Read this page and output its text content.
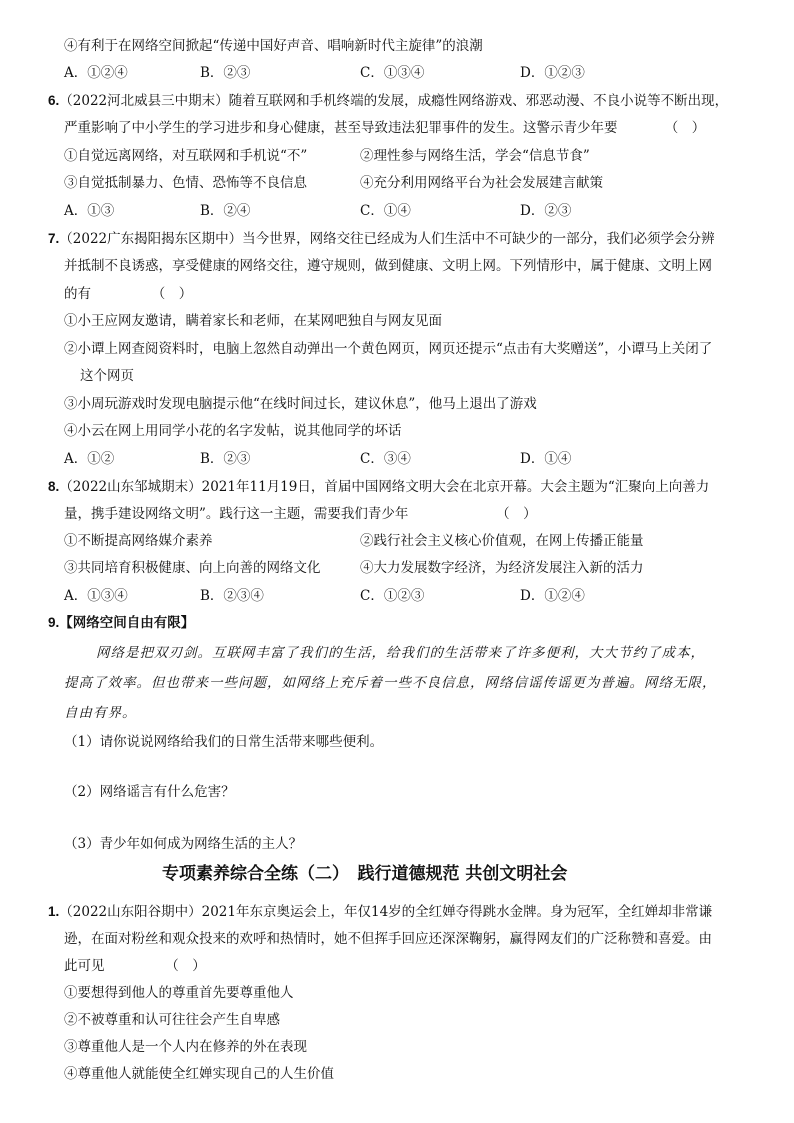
④有利于在网络空间掀起“传递中国好声音、唱响新时代主旋律”的浪潮
A．①②④	B．②③	C．①③④	D．①②③
6.（2022河北威县三中期末）随着互联网和手机终端的发展，成瘾性网络游戏、邪恶动漫、不良小说等不断出现，
严重影响了中小学生的学习进步和身心健康，甚至导致违法犯罪事件的发生。这警示青少年要　　　　（　）
①自觉远离网络，对互联网和手机说“不”	②理性参与网络生活，学会“信息节食”
③自觉抵制暴力、色情、恐怖等不良信息	④充分利用网络平台为社会发展建言献策
A．①③	B．②④	C．①④	D．②③
7.（2022广东揭阳揭东区期中）当今世界，网络交往已经成为人们生活中不可缺少的一部分，我们必须学会分辨
并抵制不良诱惑，享受健康的网络交往，遵守规则，做到健康、文明上网。下列情形中，属于健康、文明上网
的有　　　　　（　）
①小王应网友邀请，瞒着家长和老师，在某网吧独自与网友见面
②小谭上网查阅资料时，电脑上忽然自动弹出一个黄色网页，网页还提示“点击有大奖赠送”，小谭马上关闭了
这个网页
③小周玩游戏时发现电脑提示他“在线时间过长，建议休息”，他马上退出了游戏
④小云在网上用同学小花的名字发帖，说其他同学的坏话
A．①②	B．②③	C．③④	D．①④
8.（2022山东邹城期末）2021年11月19日，首届中国网络文明大会在北京开幕。大会主题为“汇聚向上向善力
量，携手建设网络文明”。践行这一主题，需要我们青少年　　　　　　　（　）
①不断提高网络媒介素养	②践行社会主义核心价值观，在网上传播正能量
③共同培育积极健康、向上向善的网络文化	④大力发展数字经济，为经济发展注入新的活力
A．①③④	B．②③④	C．①②③	D．①②④
9.【网络空间自由有限】
网络是把双刃剑。互联网丰富了我们的生活，给我们的生活带来了许多便利，大大节约了成本，
提高了效率。但也带来一些问题，如网络上充斥着一些不良信息，网络信谣传谣更为普遍。网络无限，
自由有界。
（1）请你说说网络给我们的日常生活带来哪些便利。
（2）网络谣言有什么危害？
（3）青少年如何成为网络生活的主人？
专项素养综合全练（二）　践行道德规范 共创文明社会
1.（2022山东阳谷期中）2021年东京奥运会上，年仅14岁的全红婵夺得跳水金牌。身为冠军，全红婵却非常谦
逊，在面对粉丝和观众投来的欢呼和热情时，她不但挥手回应还深深鞠躬，赢得网友们的广泛称赞和喜爱。由
此可见　　　　　（　）
①要想得到他人的尊重首先要尊重他人
②不被尊重和认可往往会产生自卑感
③尊重他人是一个人内在修养的外在表现
④尊重他人就能使全红婵实现自己的人生价值
